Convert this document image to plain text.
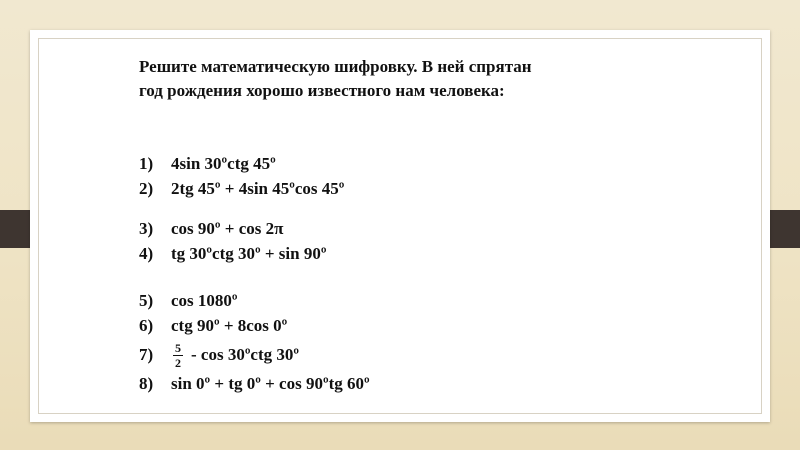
Решите математическую шифровку. В ней спрятан год рождения хорошо известного нам человека:

1)	4sin 30ºctg 45º
2)	2tg 45º + 4sin 45ºcos 45º
3)	cos 90º + cos 2π
4)	tg 30ºctg 30º + sin 90º
5)	cos 1080º
6)	ctg 90º + 8cos 0º
7)	$\frac{5}{2}$ - cos 30ºctg 30º
8)	sin 0º + tg 0º + cos 90ºtg 60º
